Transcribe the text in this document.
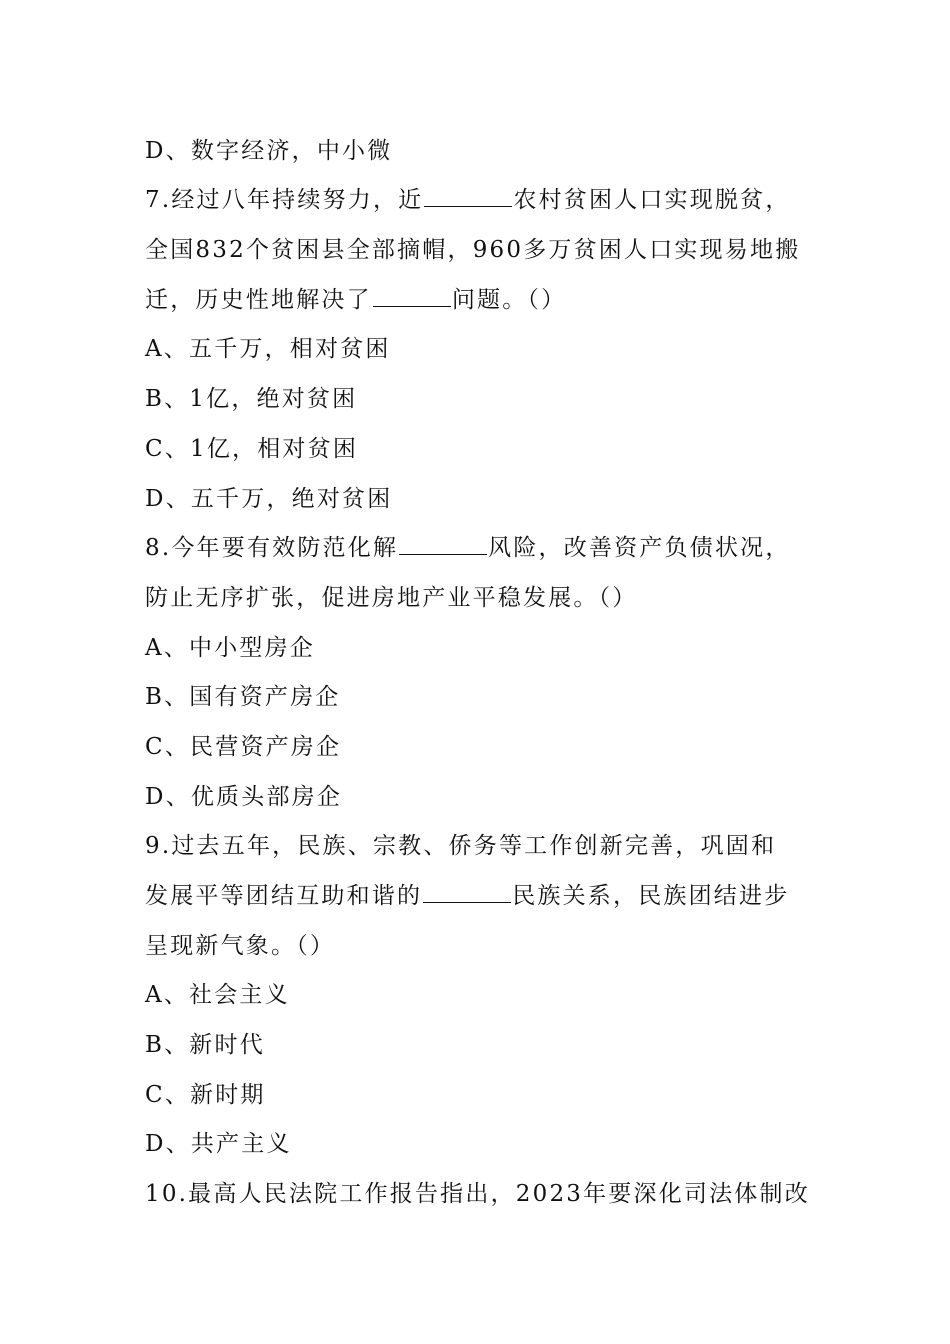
D、数字经济，中小微
7.经过八年持续努力，近	农村贫困人口实现脱贫，
全国832个贫困县全部摘帽，960多万贫困人口实现易地搬
迁，历史性地解决了	问题。（）
A、五千万，相对贫困
B、1亿，绝对贫困
C、1亿，相对贫困
D、五千万，绝对贫困
8.今年要有效防范化解	风险，改善资产负债状况，
防止无序扩张，促进房地产业平稳发展。（）
A、中小型房企
B、国有资产房企
C、民营资产房企
D、优质头部房企
9.过去五年，民族、宗教、侨务等工作创新完善，巩固和
发展平等团结互助和谐的	民族关系，民族团结进步
呈现新气象。（）
A、社会主义
B、新时代
C、新时期
D、共产主义
10.最高人民法院工作报告指出，2023年要深化司法体制改
